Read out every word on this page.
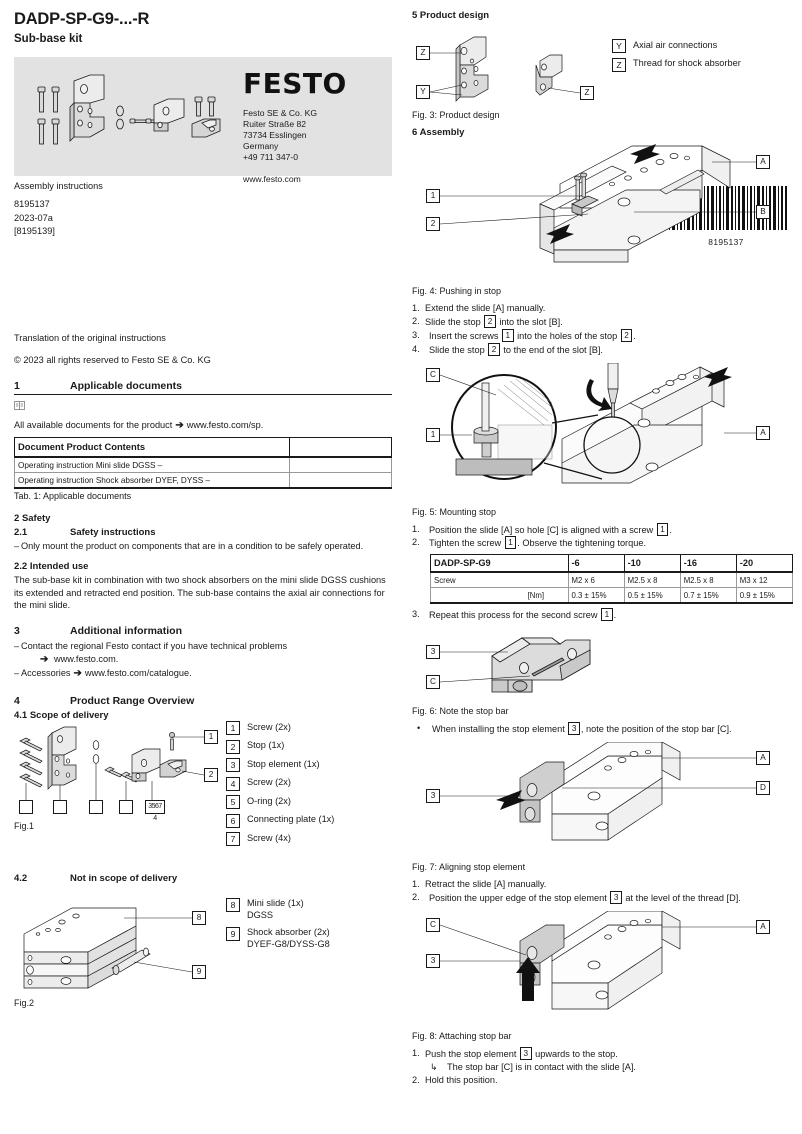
DADP-SP-G9-...-R
Sub-base kit
FESTO
Festo SE & Co. KG
Ruiter Straße 82
73734 Esslingen
Germany
+49 711 347-0
www.festo.com
Assembly instructions
8195137
2023-07a
[8195139]
Translation of the original instructions
© 2023 all rights reserved to Festo SE & Co. KG
1	Applicable documents
All available documents for the product ➔ www.festo.com/sp.
Document Product Contents	
Operating instruction Mini slide DGSS –	
Operating instruction Shock absorber DYEF, DYSS –	
Tab. 1: Applicable documents
2 Safety
2.1	Safety instructions
– Only mount the product on components that are in a condition to be safely operated.
2.2 Intended use
The sub-base kit in combination with two shock absorbers on the mini slide DGSS cushions its extended and retracted end position. The sub-base contains the axial air connections for the mini slide.
3	Additional information
– Contact the regional Festo contact if you have technical problems
➔ www.festo.com.
– Accessories ➔ www.festo.com/catalogue.
4	Product Range Overview
4.1 Scope of delivery
3567 4
1
2
Fig.1
1	Screw (2x)
2	Stop (1x)
3	Stop element (1x)
4	Screw (2x)
5	O-ring (2x)
6	Connecting plate (1x)
7	Screw (4x)
4.2	Not in scope of delivery
8
9
Fig.2
8	Mini slide (1x)
DGSS
9	Shock absorber (2x)
DYEF-G8/DYSS-G8
8195137
5 Product design
Z
Y	Z
Fig. 3: Product design
Y	Axial air connections
Z	Thread for shock absorber
6 Assembly
1
2
A
B
Fig. 4: Pushing in stop
1. Extend the slide [A] manually.
2. Slide the stop 2 into the slot [B].
3.	Insert the screws 1 into the holes of the stop 2 .
4.	Slide the stop 2 to the end of the slot [B].
C
1	A
Fig. 5: Mounting stop
1.	Position the slide [A] so hole [C] is aligned with a screw 1 .
2.	Tighten the screw 1 . Observe the tightening torque.
DADP-SP-G9		-6	-10	-16	-20
Screw		M2 x 6	M2.5 x 8	M2.5 x 8	M3 x 12
	[Nm]	0.3 ± 15%	0.5 ± 15%	0.7 ± 15%	0.9 ± 15%
3.	Repeat this process for the second screw 1 .
3
C
Fig. 6: Note the stop bar
•	When installing the stop element 3 , note the position of the stop bar [C].
3
A
D
Fig. 7: Aligning stop element
1. Retract the slide [A] manually.
2.	Position the upper edge of the stop element 3 at the level of the thread [D].
C
3
A
Fig. 8: Attaching stop bar
1. Push the stop element 3 upwards to the stop.
↳	The stop bar [C] is in contact with the slide [A].
2. Hold this position.
